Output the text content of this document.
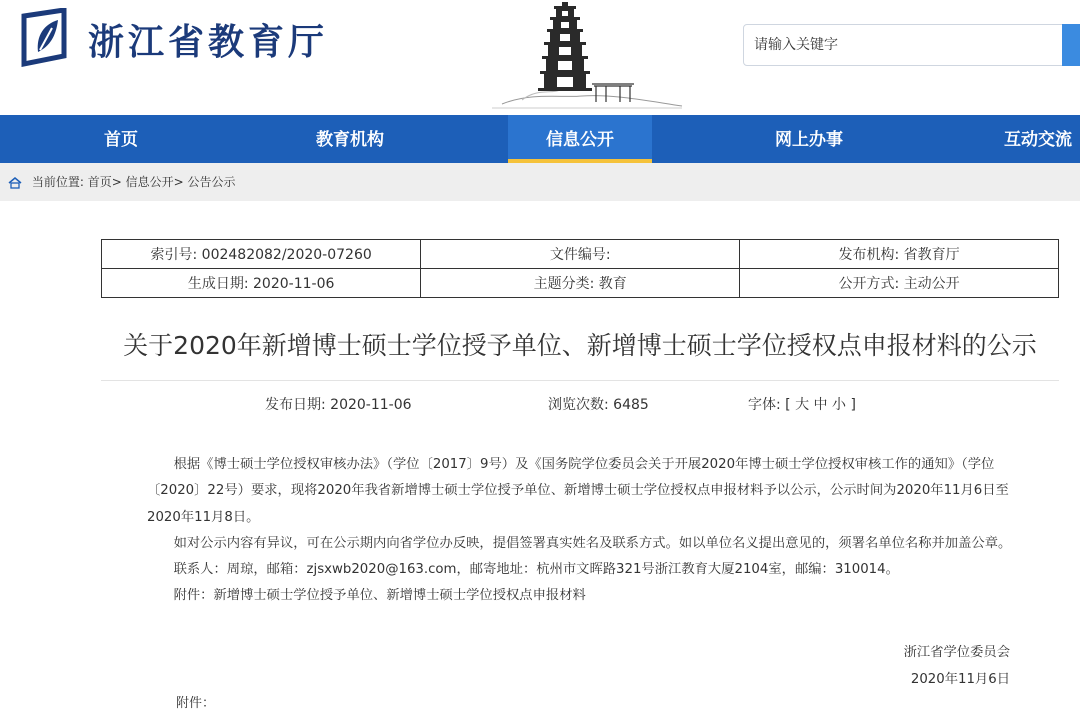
浙江省教育厅	请输入关键字
首页	教育机构	信息公开	网上办事	互动交流
当前位置: 首页> 信息公开> 公告公示
索引号: 002482082/2020-07260	文件编号:	发布机构: 省教育厅
生成日期: 2020-11-06	主题分类: 教育	公开方式: 主动公开
关于2020年新增博士硕士学位授予单位、新增博士硕士学位授权点申报材料的公示
发布日期: 2020-11-06	浏览次数: 6485	字体: [ 大 中 小 ]

根据《博士硕士学位授权审核办法》（学位〔2017〕9号）及《国务院学位委员会关于开展2020年博士硕士学位授权审核工作的通知》（学位〔2020〕22号）要求，现将2020年我省新增博士硕士学位授予单位、新增博士硕士学位授权点申报材料予以公示，公示时间为2020年11月6日至2020年11月8日。

如对公示内容有异议，可在公示期内向省学位办反映，提倡签署真实姓名及联系方式。如以单位名义提出意见的，须署名单位名称并加盖公章。

联系人：周琼，邮箱：zjsxwb2020@163.com，邮寄地址：杭州市文晖路321号浙江教育大厦2104室，邮编：310014。

附件：新增博士硕士学位授予单位、新增博士硕士学位授权点申报材料

浙江省学位委员会
2020年11月6日
附件：
